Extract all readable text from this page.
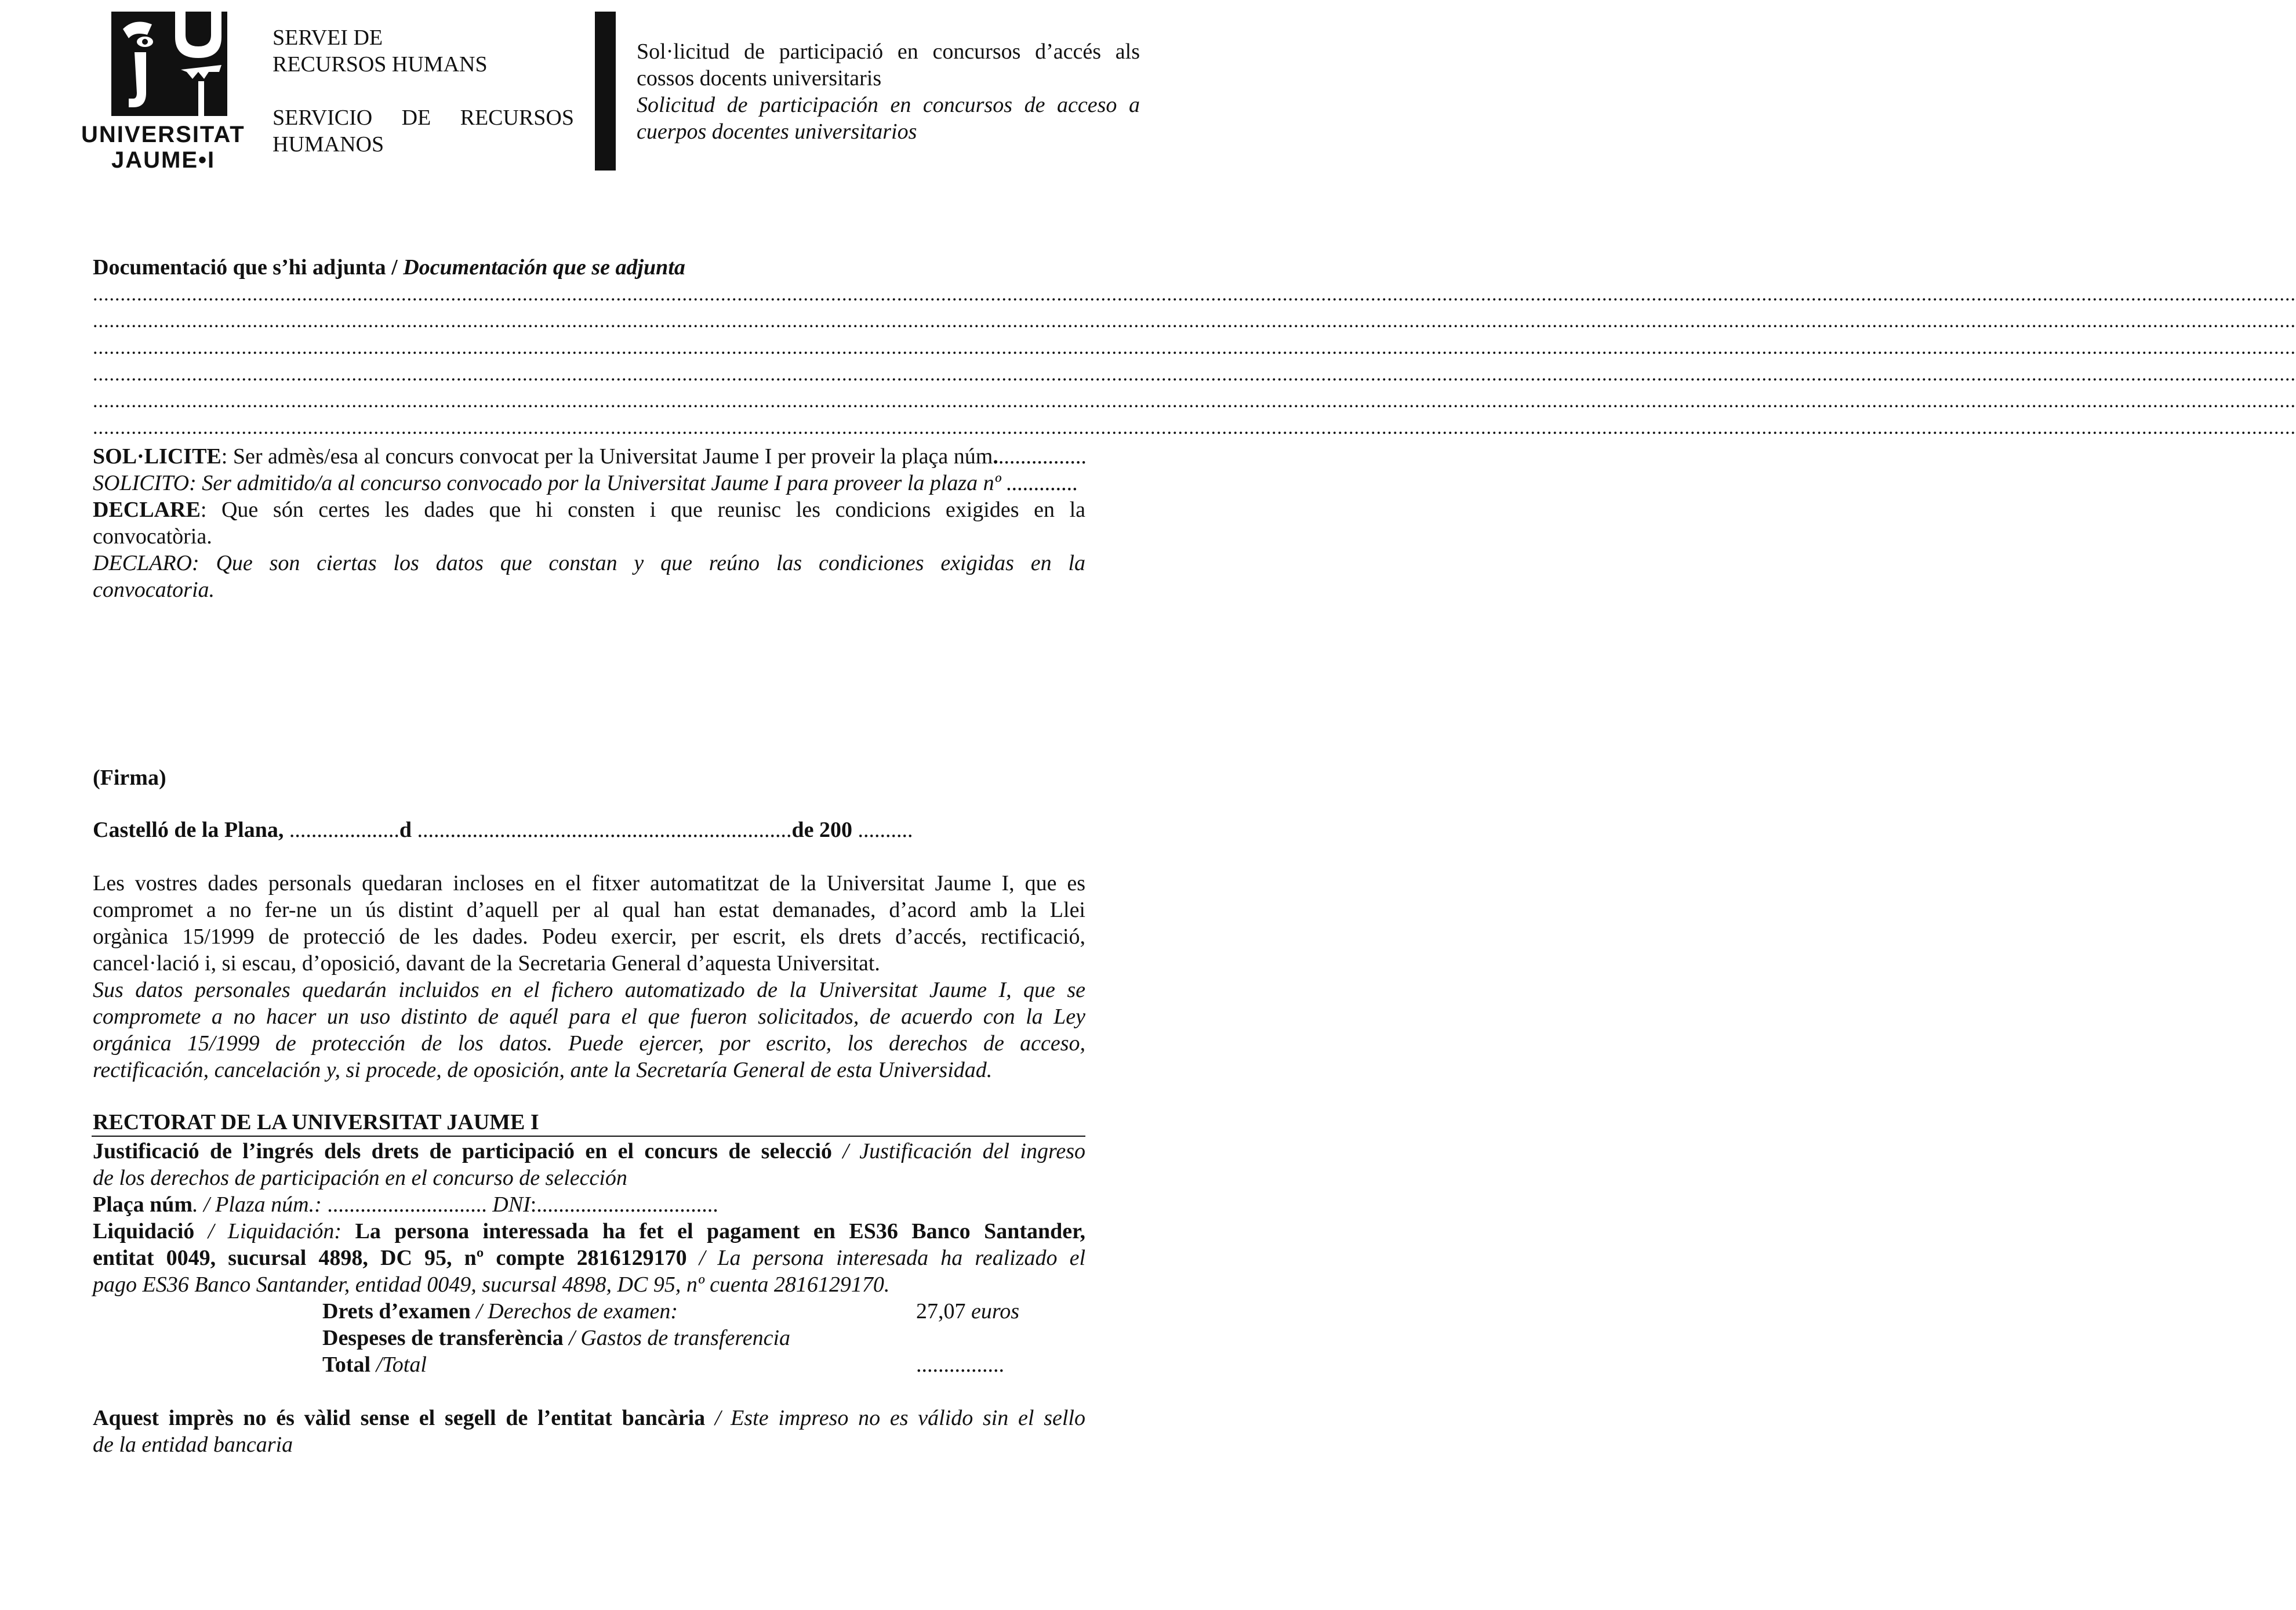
UNIVERSITAT
JAUME•I
SERVEI DE
RECURSOS HUMANS
SERVICIO DE RECURSOS
HUMANOS
Sol·licitud de participació en concursos d’accés als
cossos docents universitaris
Solicitud de participación en concursos de acceso a
cuerpos docentes universitarios
Documentació que s’hi adjunta / Documentación que se adjunta
................................................................................................................................................................................................................................................................................................................................................................................................................
................................................................................................................................................................................................................................................................................................................................................................................................................
................................................................................................................................................................................................................................................................................................................................................................................................................
................................................................................................................................................................................................................................................................................................................................................................................................................
................................................................................................................................................................................................................................................................................................................................................................................................................
................................................................................................................................................................................................................................................................................................................................................................................................................
SOL·LICITE: Ser admès/esa al concurs convocat per la Universitat Jaume I per proveir la plaça núm.................
SOLICITO: Ser admitido/a al concurso convocado por la Universitat Jaume I para proveer la plaza nº .............
DECLARE: Que són certes les dades que hi consten i que reunisc les condicions exigides en la
convocatòria.
DECLARO: Que son ciertas los datos que constan y que reúno las condiciones exigidas en la
convocatoria.
(Firma)
Castelló de la Plana, ....................d ....................................................................de 200 ..........
Les vostres dades personals quedaran incloses en el fitxer automatitzat de la Universitat Jaume I, que es
compromet a no fer-ne un ús distint d’aquell per al qual han estat demanades, d’acord amb la Llei
orgànica 15/1999 de protecció de les dades. Podeu exercir, per escrit, els drets d’accés, rectificació,
cancel·lació i, si escau, d’oposició, davant de la Secretaria General d’aquesta Universitat.
Sus datos personales quedarán incluidos en el fichero automatizado de la Universitat Jaume I, que se
compromete a no hacer un uso distinto de aquél para el que fueron solicitados, de acuerdo con la Ley
orgánica 15/1999 de protección de los datos. Puede ejercer, por escrito, los derechos de acceso,
rectificación, cancelación y, si procede, de oposición, ante la Secretaría General de esta Universidad.
RECTORAT DE LA UNIVERSITAT JAUME I
Justificació de l’ingrés dels drets de participació en el concurs de selecció / Justificación del ingreso
de los derechos de participación en el concurso de selección
Plaça núm. / Plaza núm.: ............................. DNI:.................................
Liquidació / Liquidación: La persona interessada ha fet el pagament en ES36 Banco Santander,
entitat 0049, sucursal 4898, DC 95, nº compte 2816129170 / La persona interesada ha realizado el
pago ES36 Banco Santander, entidad 0049, sucursal 4898, DC 95, nº cuenta 2816129170.
Drets d’examen / Derechos de examen:	27,07 euros
Despeses de transferència / Gastos de transferencia
Total /Total	................
Aquest imprès no és vàlid sense el segell de l’entitat bancària / Este impreso no es válido sin el sello
de la entidad bancaria
